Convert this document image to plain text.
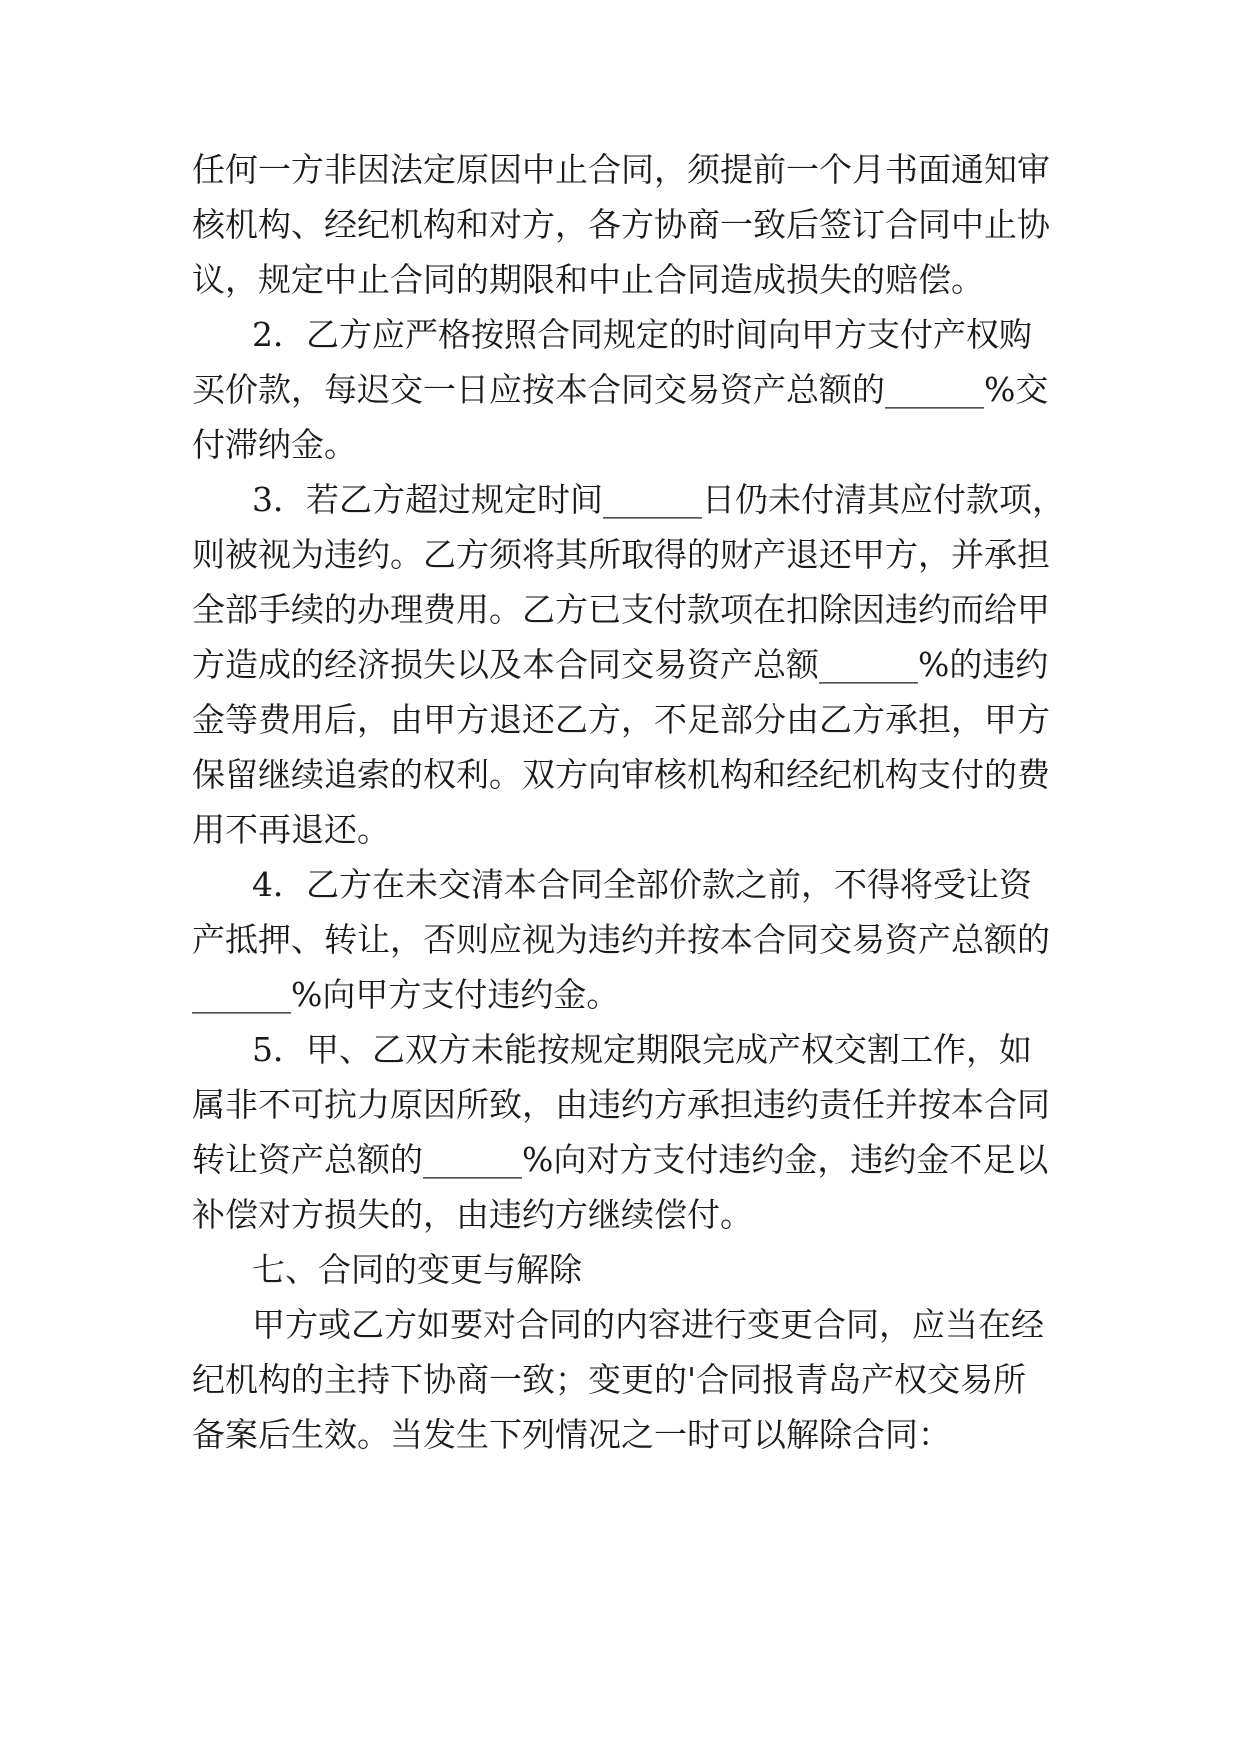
任何一方非因法定原因中止合同，须提前一个月书面通知审
核机构、经纪机构和对方，各方协商一致后签订合同中止协
议，规定中止合同的期限和中止合同造成损失的赔偿。
2．乙方应严格按照合同规定的时间向甲方支付产权购
买价款，每迟交一日应按本合同交易资产总额的______%交
付滞纳金。
3．若乙方超过规定时间______日仍未付清其应付款项，
则被视为违约。乙方须将其所取得的财产退还甲方，并承担
全部手续的办理费用。乙方已支付款项在扣除因违约而给甲
方造成的经济损失以及本合同交易资产总额______%的违约
金等费用后，由甲方退还乙方，不足部分由乙方承担，甲方
保留继续追索的权利。双方向审核机构和经纪机构支付的费
用不再退还。
4．乙方在未交清本合同全部价款之前，不得将受让资
产抵押、转让，否则应视为违约并按本合同交易资产总额的
______%向甲方支付违约金。
5．甲、乙双方未能按规定期限完成产权交割工作，如
属非不可抗力原因所致，由违约方承担违约责任并按本合同
转让资产总额的______%向对方支付违约金，违约金不足以
补偿对方损失的，由违约方继续偿付。
七、合同的变更与解除
甲方或乙方如要对合同的内容进行变更合同，应当在经
纪机构的主持下协商一致；变更的'合同报青岛产权交易所
备案后生效。当发生下列情况之一时可以解除合同：
